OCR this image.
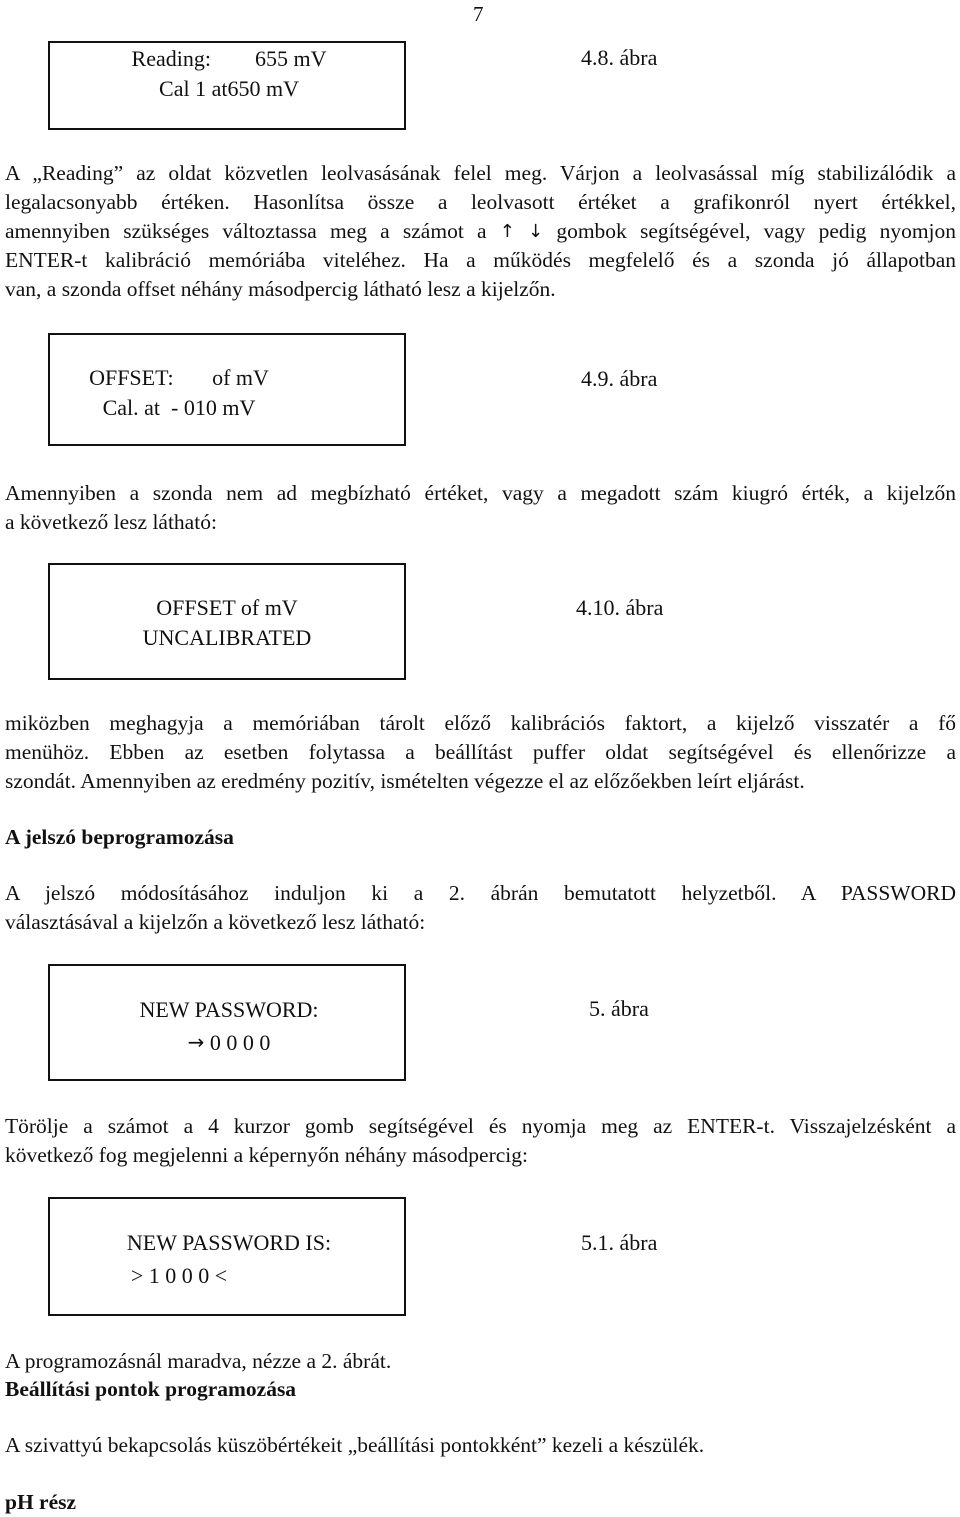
7
Reading:        655 mV
Cal 1 at650 mV
4.8. ábra
A „Reading” az oldat közvetlen leolvasásának felel meg. Várjon a leolvasással míg stabilizálódik a
legalacsonyabb értéken. Hasonlítsa össze a leolvasott értéket a grafikonról nyert értékkel,
amennyiben szükséges változtassa meg a számot a ↑ ↓ gombok segítségével, vagy pedig nyomjon
ENTER-t kalibráció memóriába viteléhez. Ha a működés megfelelő és a szonda jó állapotban
van, a szonda offset néhány másodpercig látható lesz a kijelzőn.
OFFSET:       of mV
Cal. at  - 010 mV
4.9. ábra
Amennyiben a szonda nem ad megbízható értéket, vagy a megadott szám kiugró érték, a kijelzőn
a következő lesz látható:
OFFSET of mV
UNCALIBRATED
4.10. ábra
miközben meghagyja a memóriában tárolt előző kalibrációs faktort, a kijelző visszatér a fő
menühöz. Ebben az esetben folytassa a beállítást puffer oldat segítségével és ellenőrizze a
szondát. Amennyiben az eredmény pozitív, ismételten végezze el az előzőekben leírt eljárást.
A jelszó beprogramozása
A jelszó módosításához induljon ki a 2. ábrán bemutatott helyzetből. A PASSWORD
választásával a kijelzőn a következő lesz látható:
NEW PASSWORD:
→ 0 0 0 0
5. ábra
Törölje a számot a 4 kurzor gomb segítségével és nyomja meg az ENTER-t. Visszajelzésként a
következő fog megjelenni a képernyőn néhány másodpercig:
NEW PASSWORD IS:
> 1 0 0 0 <
5.1. ábra
A programozásnál maradva, nézze a 2. ábrát.
Beállítási pontok programozása
A szivattyú bekapcsolás küszöbértékeit „beállítási pontokként” kezeli a készülék.
pH rész
